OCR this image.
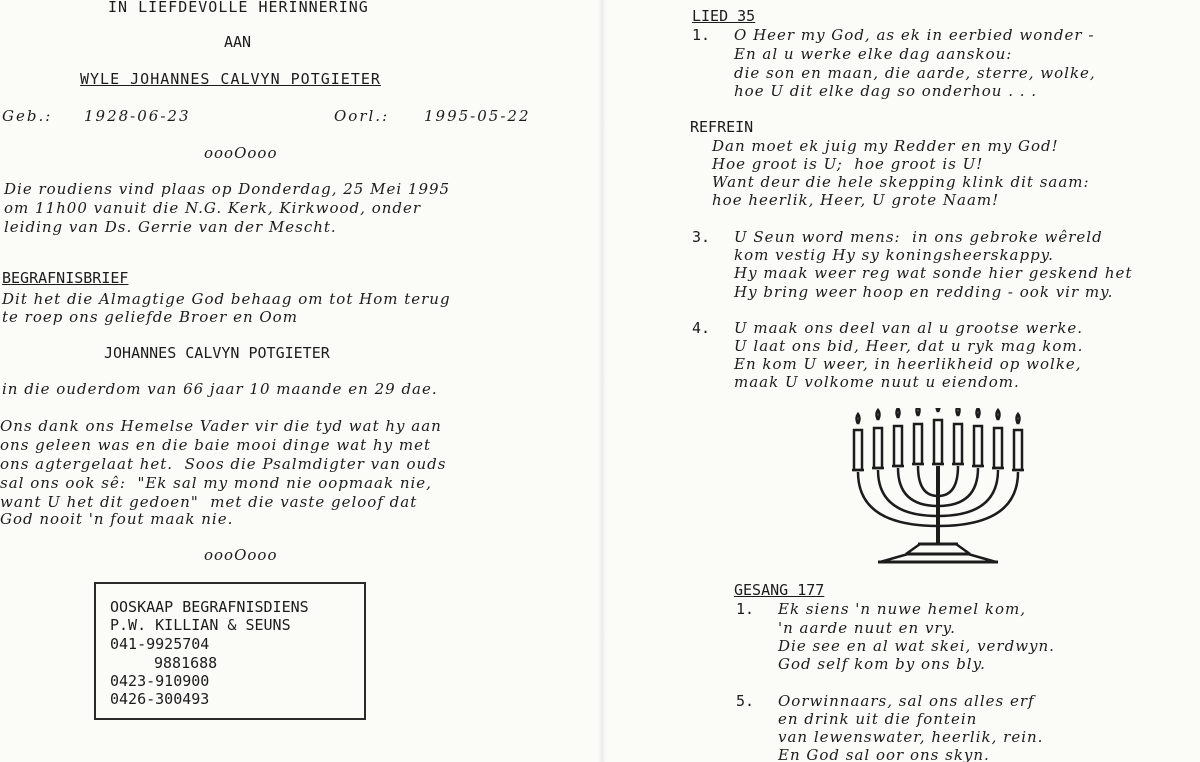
IN LIEFDEVOLLE HERINNERING
AAN
WYLE JOHANNES CALVYN POTGIETER
Geb.: 1928-06-23	Oorl.: 1995-05-22
oooOooo
Die roudiens vind plaas op Donderdag, 25 Mei 1995
om 11h00 vanuit die N.G. Kerk, Kirkwood, onder
leiding van Ds. Gerrie van der Mescht.
BEGRAFNISBRIEF
Dit het die Almagtige God behaag om tot Hom terug
te roep ons geliefde Broer en Oom
JOHANNES CALVYN POTGIETER
in die ouderdom van 66 jaar 10 maande en 29 dae.
Ons dank ons Hemelse Vader vir die tyd wat hy aan
ons geleen was en die baie mooi dinge wat hy met
ons agtergelaat het.  Soos die Psalmdigter van ouds
sal ons ook sê:  "Ek sal my mond nie oopmaak nie,
want U het dit gedoen"  met die vaste geloof dat
God nooit 'n fout maak nie.
oooOooo
OOSKAAP BEGRAFNISDIENS
P.W. KILLIAN & SEUNS
041-9925704
9881688
0423-910900
0426-300493
LIED 35
1. O Heer my God, as ek in eerbied wonder -
En al u werke elke dag aanskou:
die son en maan, die aarde, sterre, wolke,
hoe U dit elke dag so onderhou . . .
REFREIN
Dan moet ek juig my Redder en my God!
Hoe groot is U;  hoe groot is U!
Want deur die hele skepping klink dit saam:
hoe heerlik, Heer, U grote Naam!
3. U Seun word mens:  in ons gebroke wêreld
kom vestig Hy sy koningsheerskappy.
Hy maak weer reg wat sonde hier geskend het
Hy bring weer hoop en redding - ook vir my.
4. U maak ons deel van al u grootse werke.
U laat ons bid, Heer, dat u ryk mag kom.
En kom U weer, in heerlikheid op wolke,
maak U volkome nuut u eiendom.
GESANG 177
1. Ek siens 'n nuwe hemel kom,
'n aarde nuut en vry.
Die see en al wat skei, verdwyn.
God self kom by ons bly.
5. Oorwinnaars, sal ons alles erf
en drink uit die fontein
van lewenswater, heerlik, rein.
En God sal oor ons skyn.
